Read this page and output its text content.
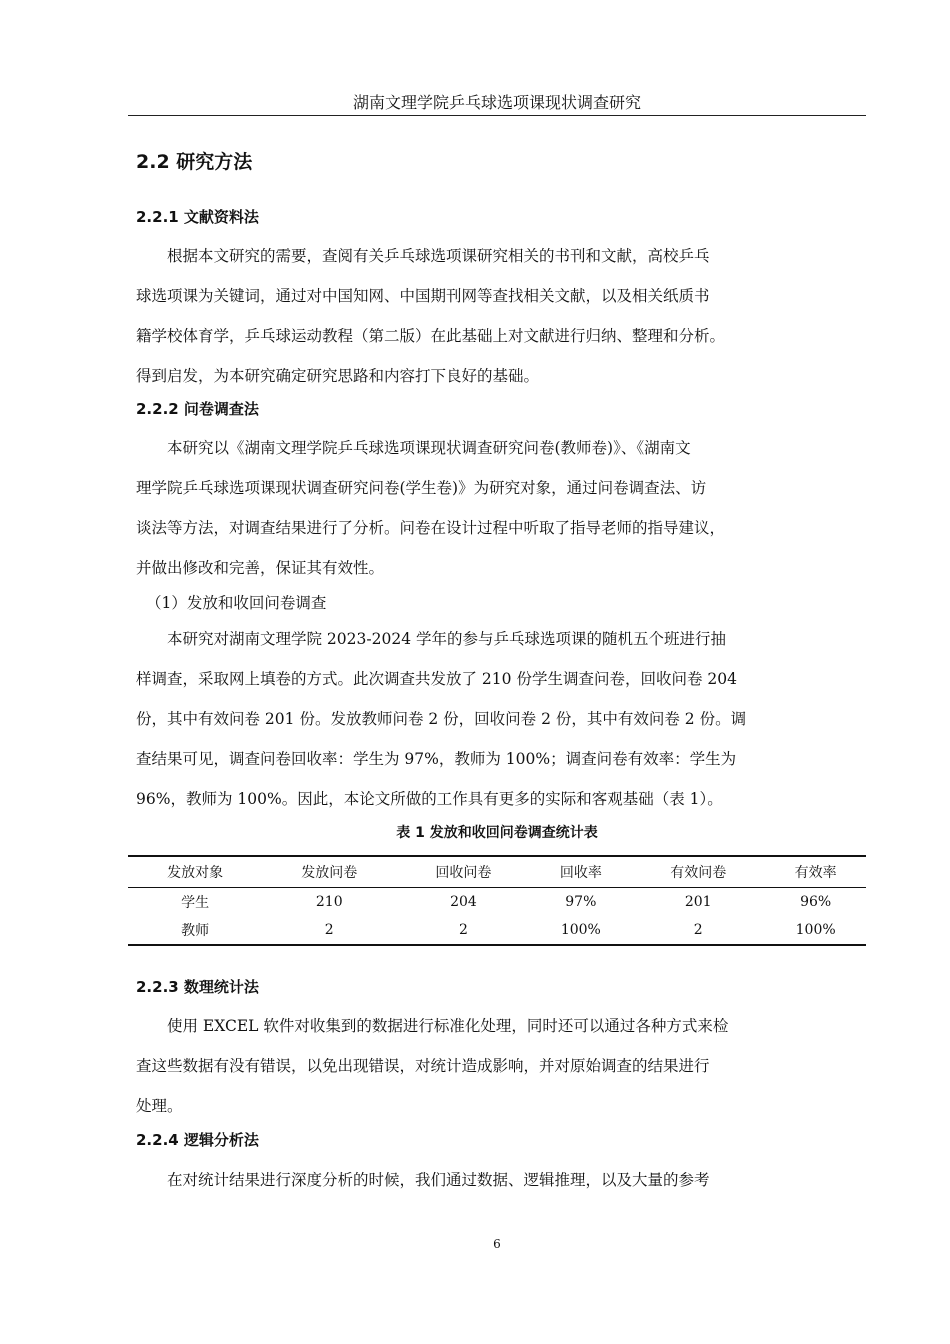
湖南文理学院乒乓球选项课现状调查研究
2.2 研究方法
2.2.1 文献资料法
根据本文研究的需要，查阅有关乒乓球选项课研究相关的书刊和文献，高校乒乓
球选项课为关键词，通过对中国知网、中国期刊网等查找相关文献，以及相关纸质书
籍学校体育学，乒乓球运动教程（第二版）在此基础上对文献进行归纳、整理和分析。
得到启发，为本研究确定研究思路和内容打下良好的基础。
2.2.2 问卷调查法
本研究以《湖南文理学院乒乓球选项课现状调查研究问卷(教师卷)》、《湖南文
理学院乒乓球选项课现状调查研究问卷(学生卷)》为研究对象，通过问卷调查法、访
谈法等方法，对调查结果进行了分析。问卷在设计过程中听取了指导老师的指导建议，
并做出修改和完善，保证其有效性。
（1）发放和收回问卷调查
本研究对湖南文理学院 2023-2024 学年的参与乒乓球选项课的随机五个班进行抽
样调查，采取网上填卷的方式。此次调查共发放了 210 份学生调查问卷，回收问卷 204
份，其中有效问卷 201 份。发放教师问卷 2 份，回收问卷 2 份，其中有效问卷 2 份。调
查结果可见，调查问卷回收率：学生为 97%，教师为 100%；调查问卷有效率：学生为
96%，教师为 100%。因此，本论文所做的工作具有更多的实际和客观基础（表 1）。
表 1 发放和收回问卷调查统计表
发放对象	发放问卷	回收问卷	回收率	有效问卷	有效率
学生	210	204	97%	201	96%
教师	2	2	100%	2	100%
2.2.3 数理统计法
使用 EXCEL 软件对收集到的数据进行标准化处理，同时还可以通过各种方式来检
查这些数据有没有错误，以免出现错误，对统计造成影响，并对原始调查的结果进行
处理。
2.2.4 逻辑分析法
在对统计结果进行深度分析的时候，我们通过数据、逻辑推理，以及大量的参考
6
